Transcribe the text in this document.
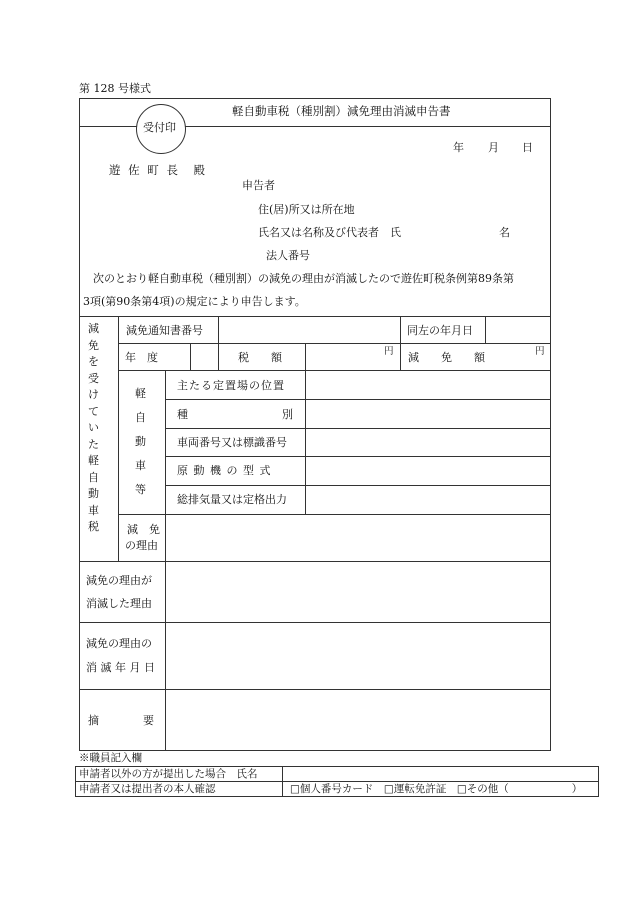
第 128 号様式
軽自動車税（種別割）減免理由消滅申告書
受付印
年 月 日
遊 佐 町 長　殿
申告者
住(居)所又は所在地
氏名又は名称及び代表者　氏	名
法人番号
次のとおり軽自動車税（種別割）の減免の理由が消滅したので遊佐町税条例第89条第
3項(第90条第4項)の規定により申告します。
減
免
を
受
け
て
い
た
軽
自
動
車
税
減免通知書番号	同左の年月日
年　度	税　　額	円 減　　免　　額	円
軽
自
動
車
等
主たる定置場の位置
種	別
車両番号又は標識番号
原 動 機 の 型 式
総排気量又は定格出力
減　免
の理由
減免の理由が
消滅した理由
減免の理由の
消 滅 年 月 日
摘　　　　要
※職員記入欄
申請者以外の方が提出した場合　氏名
申請者又は提出者の本人確認	□個人番号カード　□運転免許証　□その他（　　　　　　）
